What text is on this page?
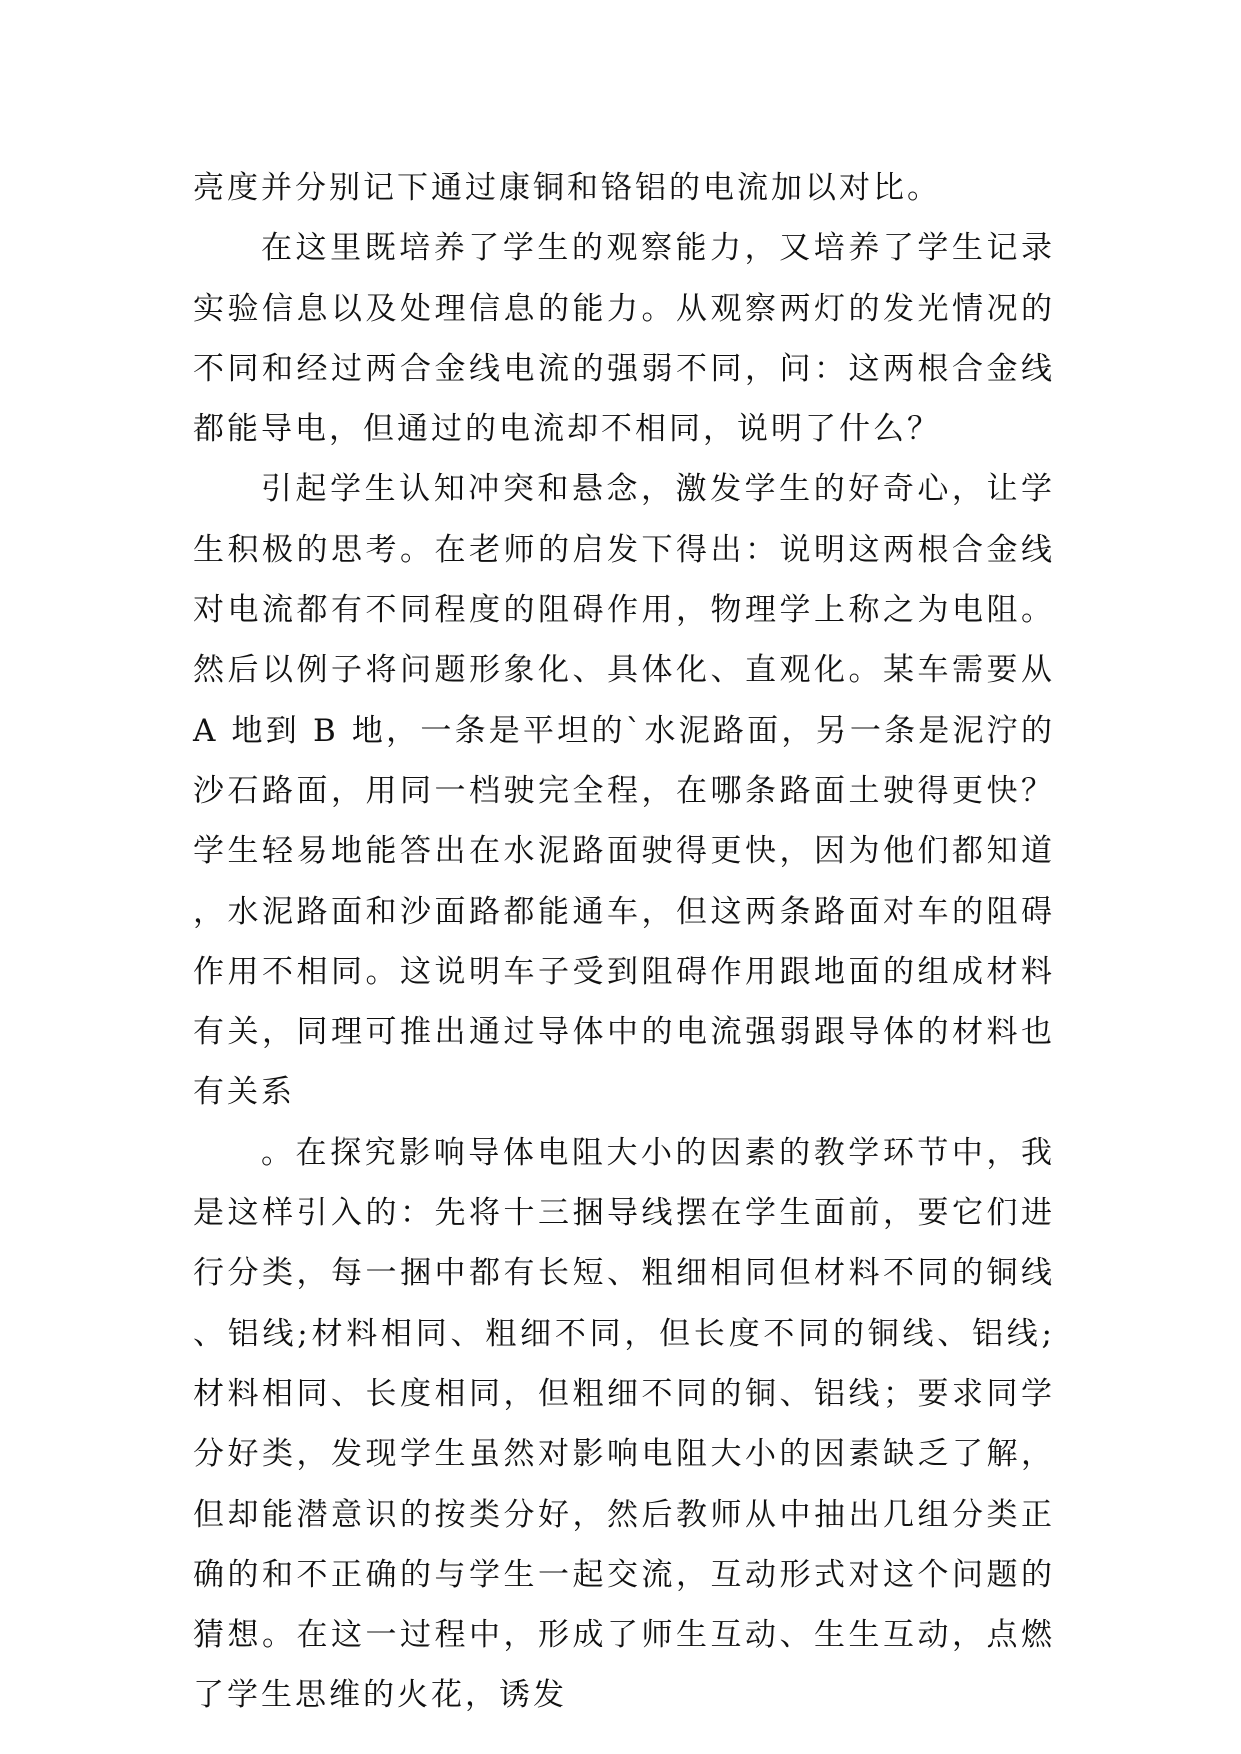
亮度并分别记下通过康铜和铬铝的电流加以对比。

在这里既培养了学生的观察能力，又培养了学生记录实验信息以及处理信息的能力。从观察两灯的发光情况的不同和经过两合金线电流的强弱不同，问：这两根合金线都能导电，但通过的电流却不相同，说明了什么？

引起学生认知冲突和悬念，激发学生的好奇心，让学生积极的思考。在老师的启发下得出：说明这两根合金线对电流都有不同程度的阻碍作用，物理学上称之为电阻。然后以例子将问题形象化、具体化、直观化。某车需要从 A 地到 B 地，一条是平坦的`水泥路面，另一条是泥泞的沙石路面，用同一档驶完全程，在哪条路面土驶得更快？学生轻易地能答出在水泥路面驶得更快，因为他们都知道，水泥路面和沙面路都能通车，但这两条路面对车的阻碍作用不相同。这说明车子受到阻碍作用跟地面的组成材料有关，同理可推出通过导体中的电流强弱跟导体的材料也有关系

。在探究影响导体电阻大小的因素的教学环节中，我是这样引入的：先将十三捆导线摆在学生面前，要它们进行分类，每一捆中都有长短、粗细相同但材料不同的铜线、铝线;材料相同、粗细不同，但长度不同的铜线、铝线;材料相同、长度相同，但粗细不同的铜、铝线；要求同学分好类，发现学生虽然对影响电阻大小的因素缺乏了解，但却能潜意识的按类分好，然后教师从中抽出几组分类正确的和不正确的与学生一起交流，互动形式对这个问题的猜想。在这一过程中，形成了师生互动、生生互动，点燃了学生思维的火花，诱发
